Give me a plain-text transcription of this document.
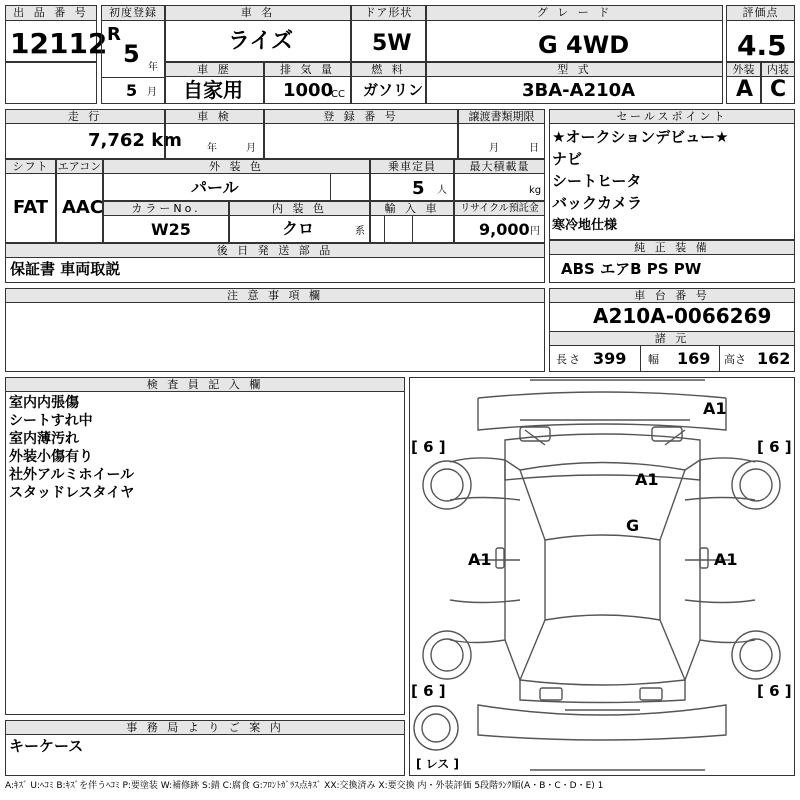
出 品 番 号
12112
初度登録
R
5 年
5 月
車 名
ライズ
ドア形状
5W
グ レ ー ド
G 4WD
評価点
4.5
車 歴
自家用
排 気 量
1000
CC
燃 料
ガソリン
型 式
3BA-A210A
外装
A
内装
C
走 行
7,762 km
車 検
年	月
登 録 番 号	譲渡書類期限
月	日
シフト
FAT
エアコン
AAC
外 装 色
パール
乗車定員
5 人
最大積載量
kg
カラーNo.
W25
内 装 色
クロ	系
輸 入 車	リサイクル預託金
9,000 円
後 日 発 送 部 品
保証書 車両取説
セールスポイント
★オークションデビュー★
ナビ
シートヒータ
バックカメラ
寒冷地仕様
純 正 装 備
ABS エアB PS PW
注 意 事 項 欄	車 台 番 号
A210A-0066269
諸 元
長さ 399 幅 169 高さ 162
検 査 員 記 入 欄
室内内張傷
シートすれ中
室内薄汚れ
外装小傷有り
社外アルミホイール
スタッドレスタイヤ
事 務 局 よ り ご 案 内
キーケース
A1
A1
G
A1	A1
[ 6 ]	[ 6 ]
[ 6 ]	[ 6 ]
[ レス ]
A:ｷｽﾞ U:ﾍｺﾐ B:ｷｽﾞを伴うﾍｺﾐ P:要塗装 W:補修跡 S:錆 C:腐食 G:ﾌﾛﾝﾄｶﾞﾗｽ点ｷｽﾞ XX:交換済み X:要交換 内・外装評価 5段階ﾗﾝｸ順(A・B・C・D・E) 1
